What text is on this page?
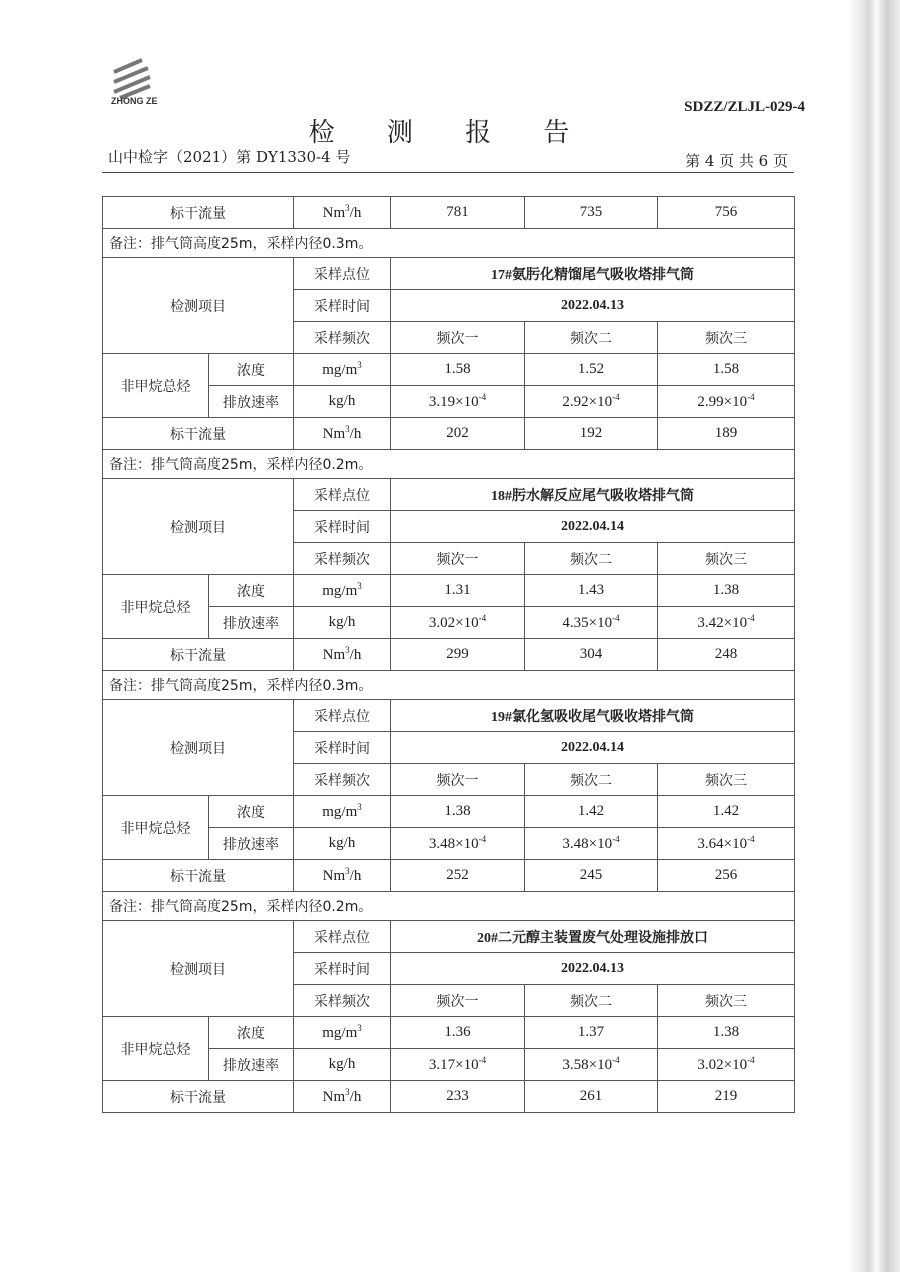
ZHONG ZE	SDZZ/ZLJL-029-4
检 测 报 告
山中检字（2021）第 DY1330-4 号	第 4 页 共 6 页
标干流量		Nm$^3$/h	781	735	756
备注：排气筒高度25m，采样内径0.3m。					
检测项目		采样点位	17#氨肟化精馏尾气吸收塔排气筒		
		采样时间	2022.04.13		
		采样频次	频次一	频次二	频次三
非甲烷总烃	浓度	$mg/m^3$	1.58	1.52	1.58
	排放速率	kg/h	$3.19\times 10^{-4}$	$2.92\times 10^{-4}$	$2.99\times 10^{-4}$
标干流量		Nm$^3$/h	202	192	189
备注：排气筒高度25m，采样内径0.2m。					
检测项目		采样点位	18#肟水解反应尾气吸收塔排气筒		
		采样时间	2022.04.14		
		采样频次	频次一	频次二	频次三
非甲烷总烃	浓度	$mg/m^3$	1.31	1.43	1.38
	排放速率	kg/h	$3.02\times 10^{-4}$	$4.35\times 10^{-4}$	$3.42\times 10^{-4}$
标干流量		Nm$^3$/h	299	304	248
备注：排气筒高度25m，采样内径0.3m。					
检测项目		采样点位	19#氯化氢吸收尾气吸收塔排气筒		
		采样时间	2022.04.14		
		采样频次	频次一	频次二	频次三
非甲烷总烃	浓度	$mg/m^3$	1.38	1.42	1.42
	排放速率	kg/h	$3.48\times 10^{-4}$	$3.48\times 10^{-4}$	$3.64\times 10^{-4}$
标干流量		Nm$^3$/h	252	245	256
备注：排气筒高度25m，采样内径0.2m。					
检测项目		采样点位	20#二元醇主装置废气处理设施排放口		
		采样时间	2022.04.13		
		采样频次	频次一	频次二	频次三
非甲烷总烃	浓度	$mg/m^3$	1.36	1.37	1.38
	排放速率	kg/h	$3.17\times 10^{-4}$	$3.58\times 10^{-4}$	$3.02\times 10^{-4}$
标干流量		Nm$^3$/h	233	261	219
